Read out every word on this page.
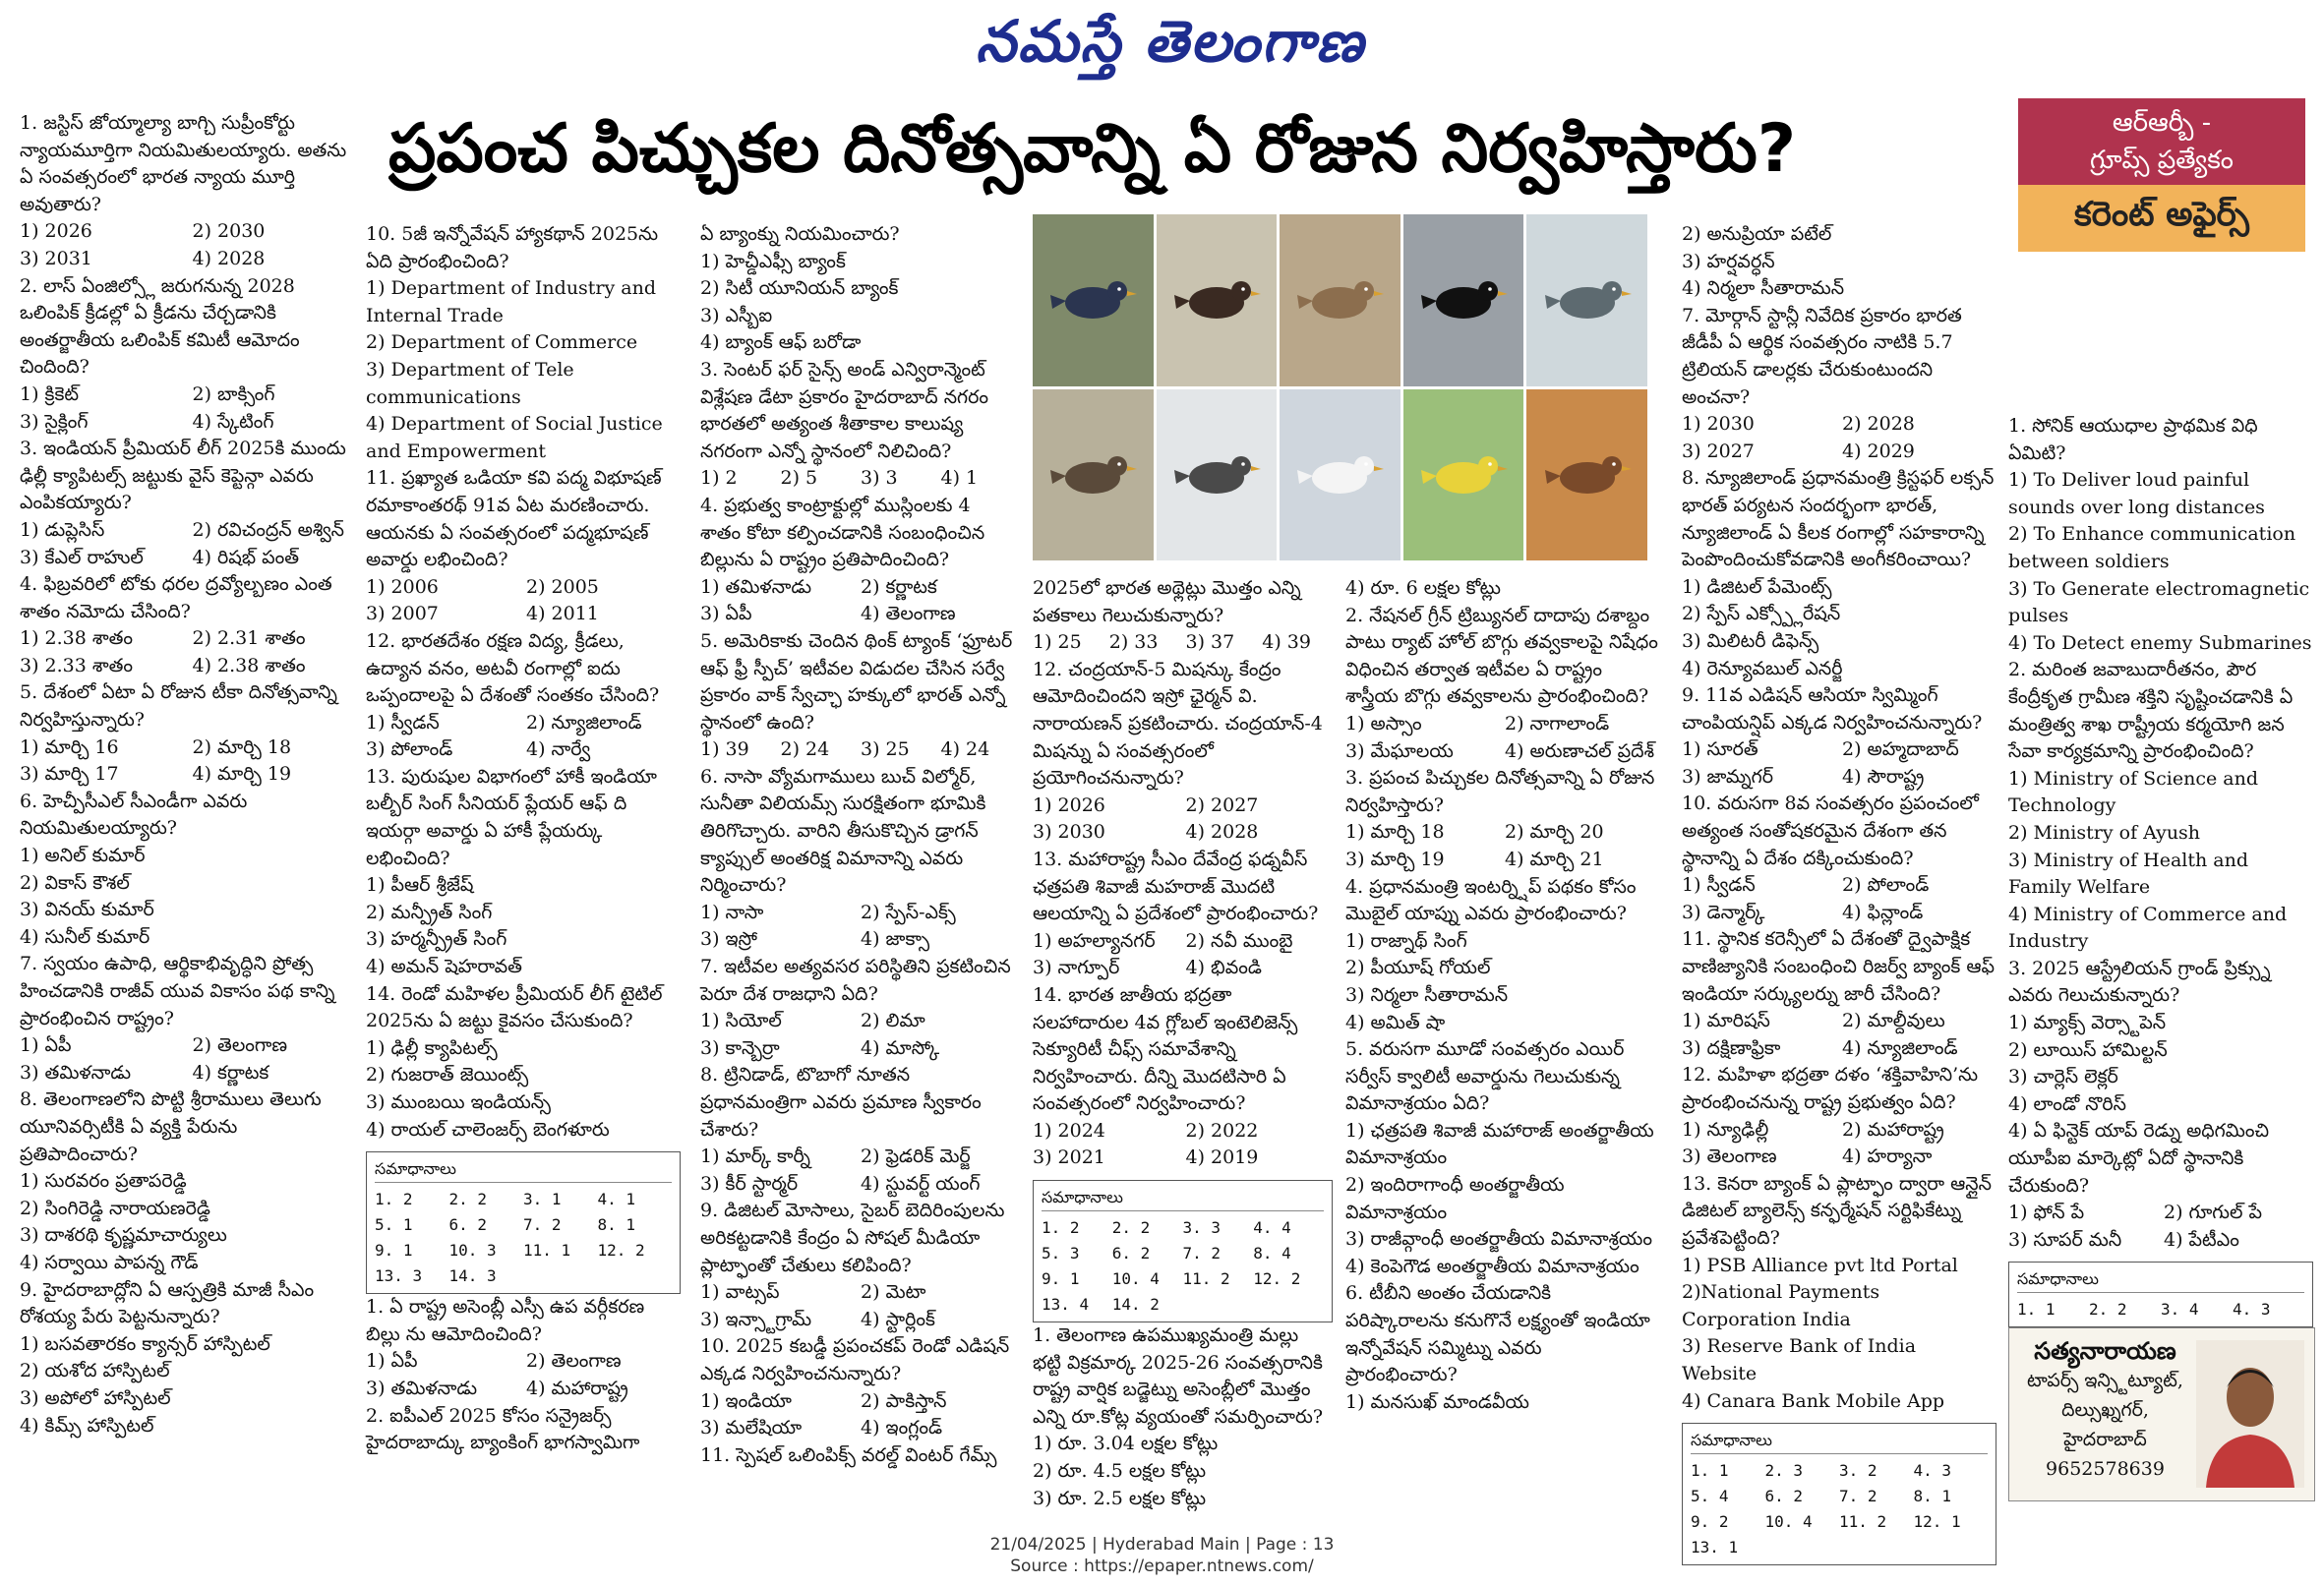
నమస్తే తెలంగాణ
ప్రపంచ పిచ్చుకల దినోత్సవాన్ని ఏ రోజున నిర్వహిస్తారు?

1. జస్టిస్ జోయ్మాల్యా బాగ్చి సుప్రీంకోర్టు న్యాయమూర్తిగా నియమితులయ్యారు. అతను ఏ సంవత్సరంలో భారత న్యాయ మూర్తి అవుతారు?

1) 2026	2) 2030
3) 2031	4) 2028

2. లాస్ ఏంజిల్స్లో జరుగనున్న 2028 ఒలింపిక్ క్రీడల్లో ఏ క్రీడను చేర్చడానికి అంతర్జాతీయ ఒలింపిక్ కమిటీ ఆమోదం చిందింది?

1) క్రికెట్	2) బాక్సింగ్
3) సైక్లింగ్	4) స్కేటింగ్

3. ఇండియన్ ప్రీమియర్ లీగ్ 2025కి ముందు ఢిల్లీ క్యాపిటల్స్ జట్టుకు వైస్ కెప్టెన్గా ఎవరు ఎంపికయ్యారు?

1) డుప్లెసిస్	2) రవిచంద్రన్ అశ్విన్
3) కేఎల్ రాహుల్	4) రిషభ్ పంత్

4. ఫిబ్రవరిలో టోకు ధరల ద్రవ్యోల్బణం ఎంత శాతం నమోదు చేసింది?

1) 2.38 శాతం	2) 2.31 శాతం
3) 2.33 శాతం	4) 2.38 శాతం

5. దేశంలో ఏటా ఏ రోజున టీకా దినోత్సవాన్ని నిర్వహిస్తున్నారు?

1) మార్చి 16	2) మార్చి 18
3) మార్చి 17	4) మార్చి 19

6. హెచ్పీసీఎల్ సీఎండీగా ఎవరు నియమితులయ్యారు?

1) అనిల్ కుమార్
2) వికాస్ కౌశల్
3) వినయ్ కుమార్
4) సునీల్ కుమార్

7. స్వయం ఉపాధి, ఆర్థికాభివృద్ధిని ప్రోత్స హించడానికి రాజీవ్ యువ వికాసం పథ కాన్ని ప్రారంభించిన రాష్ట్రం?

1) ఏపీ	2) తెలంగాణ
3) తమిళనాడు	4) కర్ణాటక

8. తెలంగాణలోని పొట్టి శ్రీరాములు తెలుగు యూనివర్సిటీకి ఏ వ్యక్తి పేరును ప్రతిపాదించారు?

1) సురవరం ప్రతాపరెడ్డి
2) సింగిరెడ్డి నారాయణరెడ్డి
3) దాశరథి కృష్ణమాచార్యులు
4) సర్వాయి పాపన్న గౌడ్

9. హైదరాబాద్లోని ఏ ఆస్పత్రికి మాజీ సీఎం రోశయ్య పేరు పెట్టనున్నారు?

1) బసవతారకం క్యాన్సర్ హాస్పిటల్
2) యశోద హాస్పిటల్
3) అపోలో హాస్పిటల్
4) కిమ్స్ హాస్పిటల్

10. 5జీ ఇన్నోవేషన్ హ్యాకథాన్ 2025ను ఏది ప్రారంభించింది?

1) Department of Industry and Internal Trade
2) Department of Commerce
3) Department of Tele communications
4) Department of Social Justice and Empowerment

11. ప్రఖ్యాత ఒడియా కవి పద్మ విభూషణ్ రమాకాంతరథ్ 91వ ఏట మరణించారు. ఆయనకు ఏ సంవత్సరంలో పద్మభూషణ్ అవార్డు లభించింది?

1) 2006	2) 2005
3) 2007	4) 2011

12. భారతదేశం రక్షణ విద్య, క్రీడలు, ఉద్యాన వనం, అటవీ రంగాల్లో ఐదు ఒప్పందాలపై ఏ దేశంతో సంతకం చేసింది?

1) స్వీడన్	2) న్యూజిలాండ్
3) పోలాండ్	4) నార్వే

13. పురుషుల విభాగంలో హాకీ ఇండియా బల్బీర్ సింగ్ సీనియర్ ప్లేయర్ ఆఫ్ ది ఇయర్గా అవార్డు ఏ హాకీ ప్లేయర్కు లభించింది?

1) పీఆర్ శ్రీజేష్
2) మన్ప్రీత్ సింగ్
3) హర్మన్ప్రీత్ సింగ్
4) అమన్ షెహరావత్

14. రెండో మహిళల ప్రీమియర్ లీగ్ టైటిల్ 2025ను ఏ జట్టు కైవసం చేసుకుంది?

1) ఢిల్లీ క్యాపిటల్స్
2) గుజరాత్ జెయింట్స్
3) ముంబయి ఇండియన్స్
4) రాయల్ చాలెంజర్స్ బెంగళూరు
సమాధానాలు
1. 2	2. 2	3. 1	4. 1
5. 1	6. 2	7. 2	8. 1
9. 1	10. 3	11. 1	12. 2
13. 3	14. 3

1. ఏ రాష్ట్ర అసెంబ్లీ ఎస్సీ ఉప వర్గీకరణ బిల్లు ను ఆమోదించింది?

1) ఏపీ	2) తెలంగాణ
3) తమిళనాడు	4) మహారాష్ట్ర

2. ఐపీఎల్ 2025 కోసం సన్రైజర్స్ హైదరాబాద్కు బ్యాంకింగ్ భాగస్వామిగా

ఏ బ్యాంక్ను నియమించారు?

1) హెచ్డీఎఫ్సీ బ్యాంక్
2) సిటీ యూనియన్ బ్యాంక్
3) ఎస్బీఐ
4) బ్యాంక్ ఆఫ్ బరోడా

3. సెంటర్ ఫర్ సైన్స్ అండ్ ఎన్విరాన్మెంట్ విశ్లేషణ డేటా ప్రకారం హైదరాబాద్ నగరం భారతలో అత్యంత శీతాకాల కాలుష్య నగరంగా ఎన్నో స్థానంలో నిలిచింది?

1) 2	2) 5	3) 3	4) 1

4. ప్రభుత్వ కాంట్రాక్టుల్లో ముస్లింలకు 4 శాతం కోటా కల్పించడానికి సంబంధించిన బిల్లును ఏ రాష్ట్రం ప్రతిపాదించింది?

1) తమిళనాడు	2) కర్ణాటక
3) ఏపీ	4) తెలంగాణ

5. అమెరికాకు చెందిన థింక్ ట్యాంక్ ‘ఫ్రూటర్ ఆఫ్ ఫ్రీ స్పీచ్’ ఇటీవల విడుదల చేసిన సర్వే ప్రకారం వాక్ స్వేచ్ఛా హక్కులో భారత్ ఎన్నో స్థానంలో ఉంది?

1) 39	2) 24	3) 25	4) 24

6. నాసా వ్యోమగాములు బుచ్ విల్మోర్, సునీతా విలియమ్స్ సురక్షితంగా భూమికి తిరిగొచ్చారు. వారిని తీసుకొచ్చిన డ్రాగన్ క్యాప్సుల్ అంతరిక్ష విమానాన్ని ఎవరు నిర్మించారు?

1) నాసా	2) స్పేస్-ఎక్స్
3) ఇస్రో	4) జాక్సా

7. ఇటీవల అత్యవసర పరిస్థితిని ప్రకటించిన పెరూ దేశ రాజధాని ఏది?

1) సియోల్	2) లిమా
3) కాన్బెర్రా	4) మాస్కో

8. ట్రినిడాడ్, టొబాగో నూతన ప్రధానమంత్రిగా ఎవరు ప్రమాణ స్వీకారం చేశారు?

1) మార్క్ కార్నీ	2) ఫ్రెడరిక్ మెర్జ్
3) కీర్ స్టార్మర్	4) స్టువర్ట్ యంగ్

9. డిజిటల్ మోసాలు, సైబర్ బెదిరింపులను అరికట్టడానికి కేంద్రం ఏ సోషల్ మీడియా ప్లాట్ఫాంతో చేతులు కలిపింది?

1) వాట్సప్	2) మెటా
3) ఇన్స్టాగ్రామ్	4) స్టార్లింక్

10. 2025 కబడ్డీ ప్రపంచకప్ రెండో ఎడిషన్ ఎక్కడ నిర్వహించనున్నారు?

1) ఇండియా	2) పాకిస్తాన్
3) మలేషియా	4) ఇంగ్లండ్

11. స్పెషల్ ఒలింపిక్స్ వరల్డ్ వింటర్ గేమ్స్

2025లో భారత అథ్లెట్లు మొత్తం ఎన్ని పతకాలు గెలుచుకున్నారు?

1) 25	2) 33	3) 37	4) 39

12. చంద్రయాన్-5 మిషన్కు కేంద్రం ఆమోదించిందని ఇస్రో ఛైర్మన్ వి. నారాయణన్ ప్రకటించారు. చంద్రయాన్-4 మిషన్ను ఏ సంవత్సరంలో ప్రయోగించనున్నారు?

1) 2026	2) 2027
3) 2030	4) 2028

13. మహారాష్ట్ర సీఎం దేవేంద్ర ఫడ్నవీస్ ఛత్రపతి శివాజీ మహరాజ్ మొదటి ఆలయాన్ని ఏ ప్రదేశంలో ప్రారంభించారు?

1) అహల్యానగర్	2) నవీ ముంబై
3) నాగ్పూర్	4) భివండి

14. భారత జాతీయ భద్రతా సలహాదారుల 4వ గ్లోబల్ ఇంటెలిజెన్స్ సెక్యూరిటీ చీఫ్స్ సమావేశాన్ని నిర్వహించారు. దీన్ని మొదటిసారి ఏ సంవత్సరంలో నిర్వహించారు?

1) 2024	2) 2022
3) 2021	4) 2019
సమాధానాలు
1. 2	2. 2	3. 3	4. 4
5. 3	6. 2	7. 2	8. 4
9. 1	10. 4	11. 2	12. 2
13. 4	14. 2

1. తెలంగాణ ఉపముఖ్యమంత్రి మల్లు భట్టి విక్రమార్క 2025-26 సంవత్సరానికి రాష్ట్ర వార్షిక బడ్జెట్ను అసెంబ్లీలో మొత్తం ఎన్ని రూ.కోట్ల వ్యయంతో సమర్పించారు?

1) రూ. 3.04 లక్షల కోట్లు
2) రూ. 4.5 లక్షల కోట్లు
3) రూ. 2.5 లక్షల కోట్లు

4) రూ. 6 లక్షల కోట్లు

2. నేషనల్ గ్రీన్ ట్రిబ్యునల్ దాదాపు దశాబ్దం పాటు ర్యాట్ హోల్ బొగ్గు తవ్వకాలపై నిషేధం విధించిన తర్వాత ఇటీవల ఏ రాష్ట్రం శాస్త్రీయ బొగ్గు తవ్వకాలను ప్రారంభించింది?

1) అస్సాం	2) నాగాలాండ్
3) మేఘాలయ	4) అరుణాచల్ ప్రదేశ్

3. ప్రపంచ పిచ్చుకల దినోత్సవాన్ని ఏ రోజున నిర్వహిస్తారు?

1) మార్చి 18	2) మార్చి 20
3) మార్చి 19	4) మార్చి 21

4. ప్రధానమంత్రి ఇంటర్న్షిప్ పథకం కోసం మొబైల్ యాప్ను ఎవరు ప్రారంభించారు?

1) రాజ్నాథ్ సింగ్
2) పీయూష్ గోయల్
3) నిర్మలా సీతారామన్
4) అమిత్ షా

5. వరుసగా మూడో సంవత్సరం ఎయిర్ సర్వీస్ క్వాలిటీ అవార్డును గెలుచుకున్న విమానాశ్రయం ఏది?

1) ఛత్రపతి శివాజీ మహారాజ్ అంతర్జాతీయ విమానాశ్రయం
2) ఇందిరాగాంధీ అంతర్జాతీయ విమానాశ్రయం
3) రాజీవ్గాంధీ అంతర్జాతీయ విమానాశ్రయం
4) కెంపెగౌడ అంతర్జాతీయ విమానాశ్రయం

6. టీబీని అంతం చేయడానికి పరిష్కారాలను కనుగొనే లక్ష్యంతో ఇండియా ఇన్నోవేషన్ సమ్మిట్ను ఎవరు ప్రారంభించారు?

1) మనసుఖ్ మాండవీయ

2) అనుప్రియా పటేల్

3) హర్షవర్ధన్
4) నిర్మలా సీతారామన్

7. మోర్గాన్ స్టాన్లీ నివేదిక ప్రకారం భారత జీడీపీ ఏ ఆర్థిక సంవత్సరం నాటికి 5.7 ట్రిలియన్ డాలర్లకు చేరుకుంటుందని అంచనా?

1) 2030	2) 2028
3) 2027	4) 2029

8. న్యూజిలాండ్ ప్రధానమంత్రి క్రిస్టఫర్ లక్సన్ భారత్ పర్యటన సందర్భంగా భారత్, న్యూజిలాండ్ ఏ కీలక రంగాల్లో సహకారాన్ని పెంపొందించుకోవడానికి అంగీకరించాయి?

1) డిజిటల్ పేమెంట్స్
2) స్పేస్ ఎక్స్ప్లోరేషన్
3) మిలిటరీ డిఫెన్స్
4) రెన్యూవబుల్ ఎనర్జీ

9. 11వ ఎడిషన్ ఆసియా స్విమ్మింగ్ చాంపియన్షిప్ ఎక్కడ నిర్వహించనున్నారు?

1) సూరత్	2) అహ్మదాబాద్
3) జామ్నగర్	4) సౌరాష్ట్ర

10. వరుసగా 8వ సంవత్సరం ప్రపంచంలో అత్యంత సంతోషకరమైన దేశంగా తన స్థానాన్ని ఏ దేశం దక్కించుకుంది?

1) స్వీడన్	2) పోలాండ్
3) డెన్మార్క్	4) ఫిన్లాండ్

11. స్థానిక కరెన్సీలో ఏ దేశంతో ద్వైపాక్షిక వాణిజ్యానికి సంబంధించి రిజర్వ్ బ్యాంక్ ఆఫ్ ఇండియా సర్క్యులర్ను జారీ చేసింది?

1) మారిషస్	2) మాల్దీవులు
3) దక్షిణాఫ్రికా	4) న్యూజిలాండ్

12. మహిళా భద్రతా దళం ‘శక్తివాహిని’ను ప్రారంభించనున్న రాష్ట్ర ప్రభుత్వం ఏది?

1) న్యూఢిల్లీ	2) మహారాష్ట్ర
3) తెలంగాణ	4) హర్యానా

13. కెనరా బ్యాంక్ ఏ ప్లాట్ఫాం ద్వారా ఆన్లైన్ డిజిటల్ బ్యాలెన్స్ కన్ఫర్మేషన్ సర్టిఫికేట్ను ప్రవేశపెట్టింది?

1) PSB Alliance pvt ltd Portal
2)National Payments Corporation India
3) Reserve Bank of India Website
4) Canara Bank Mobile App
సమాధానాలు
1. 1	2. 3	3. 2	4. 3
5. 4	6. 2	7. 2	8. 1
9. 2	10. 4	11. 2	12. 1
13. 1

1. సోనిక్ ఆయుధాల ప్రాథమిక విధి ఏమిటి?

1) To Deliver loud painful sounds over long distances
2) To Enhance communication between soldiers
3) To Generate electromagnetic pulses
4) To Detect enemy Submarines

2. మరింత జవాబుదారీతనం, పౌర కేంద్రీకృత గ్రామీణ శక్తిని సృష్టించడానికి ఏ మంత్రిత్వ శాఖ రాష్ట్రీయ కర్మయోగి జన సేవా కార్యక్రమాన్ని ప్రారంభించింది?

1) Ministry of Science and Technology
2) Ministry of Ayush
3) Ministry of Health and Family Welfare
4) Ministry of Commerce and Industry

3. 2025 ఆస్ట్రేలియన్ గ్రాండ్ ప్రిక్స్ను ఎవరు గెలుచుకున్నారు?

1) మ్యాక్స్ వెర్స్టాపెన్
2) లూయిస్ హామిల్టన్
3) చార్లెస్ లెక్లర్
4) లాండో నొరిస్

4) ఏ ఫిన్టెక్ యాప్ రెడ్ను అధిగమించి యూపీఐ మార్కెట్లో ఏదో స్థానానికి చేరుకుంది?

1) ఫోన్ పే	2) గూగుల్ పే
3) సూపర్ మనీ	4) పేటీఎం
సమాధానాలు
1. 1	2. 2	3. 4	4. 3
ఆర్ఆర్బీ -
గ్రూప్స్ ప్రత్యేకం
కరెంట్ అఫైర్స్
సత్యనారాయణ
టాపర్స్ ఇన్స్టిట్యూట్,
దిల్సుఖ్నగర్,
హైదరాబాద్
9652578639
21/04/2025 | Hyderabad Main | Page : 13
Source : https://epaper.ntnews.com/
